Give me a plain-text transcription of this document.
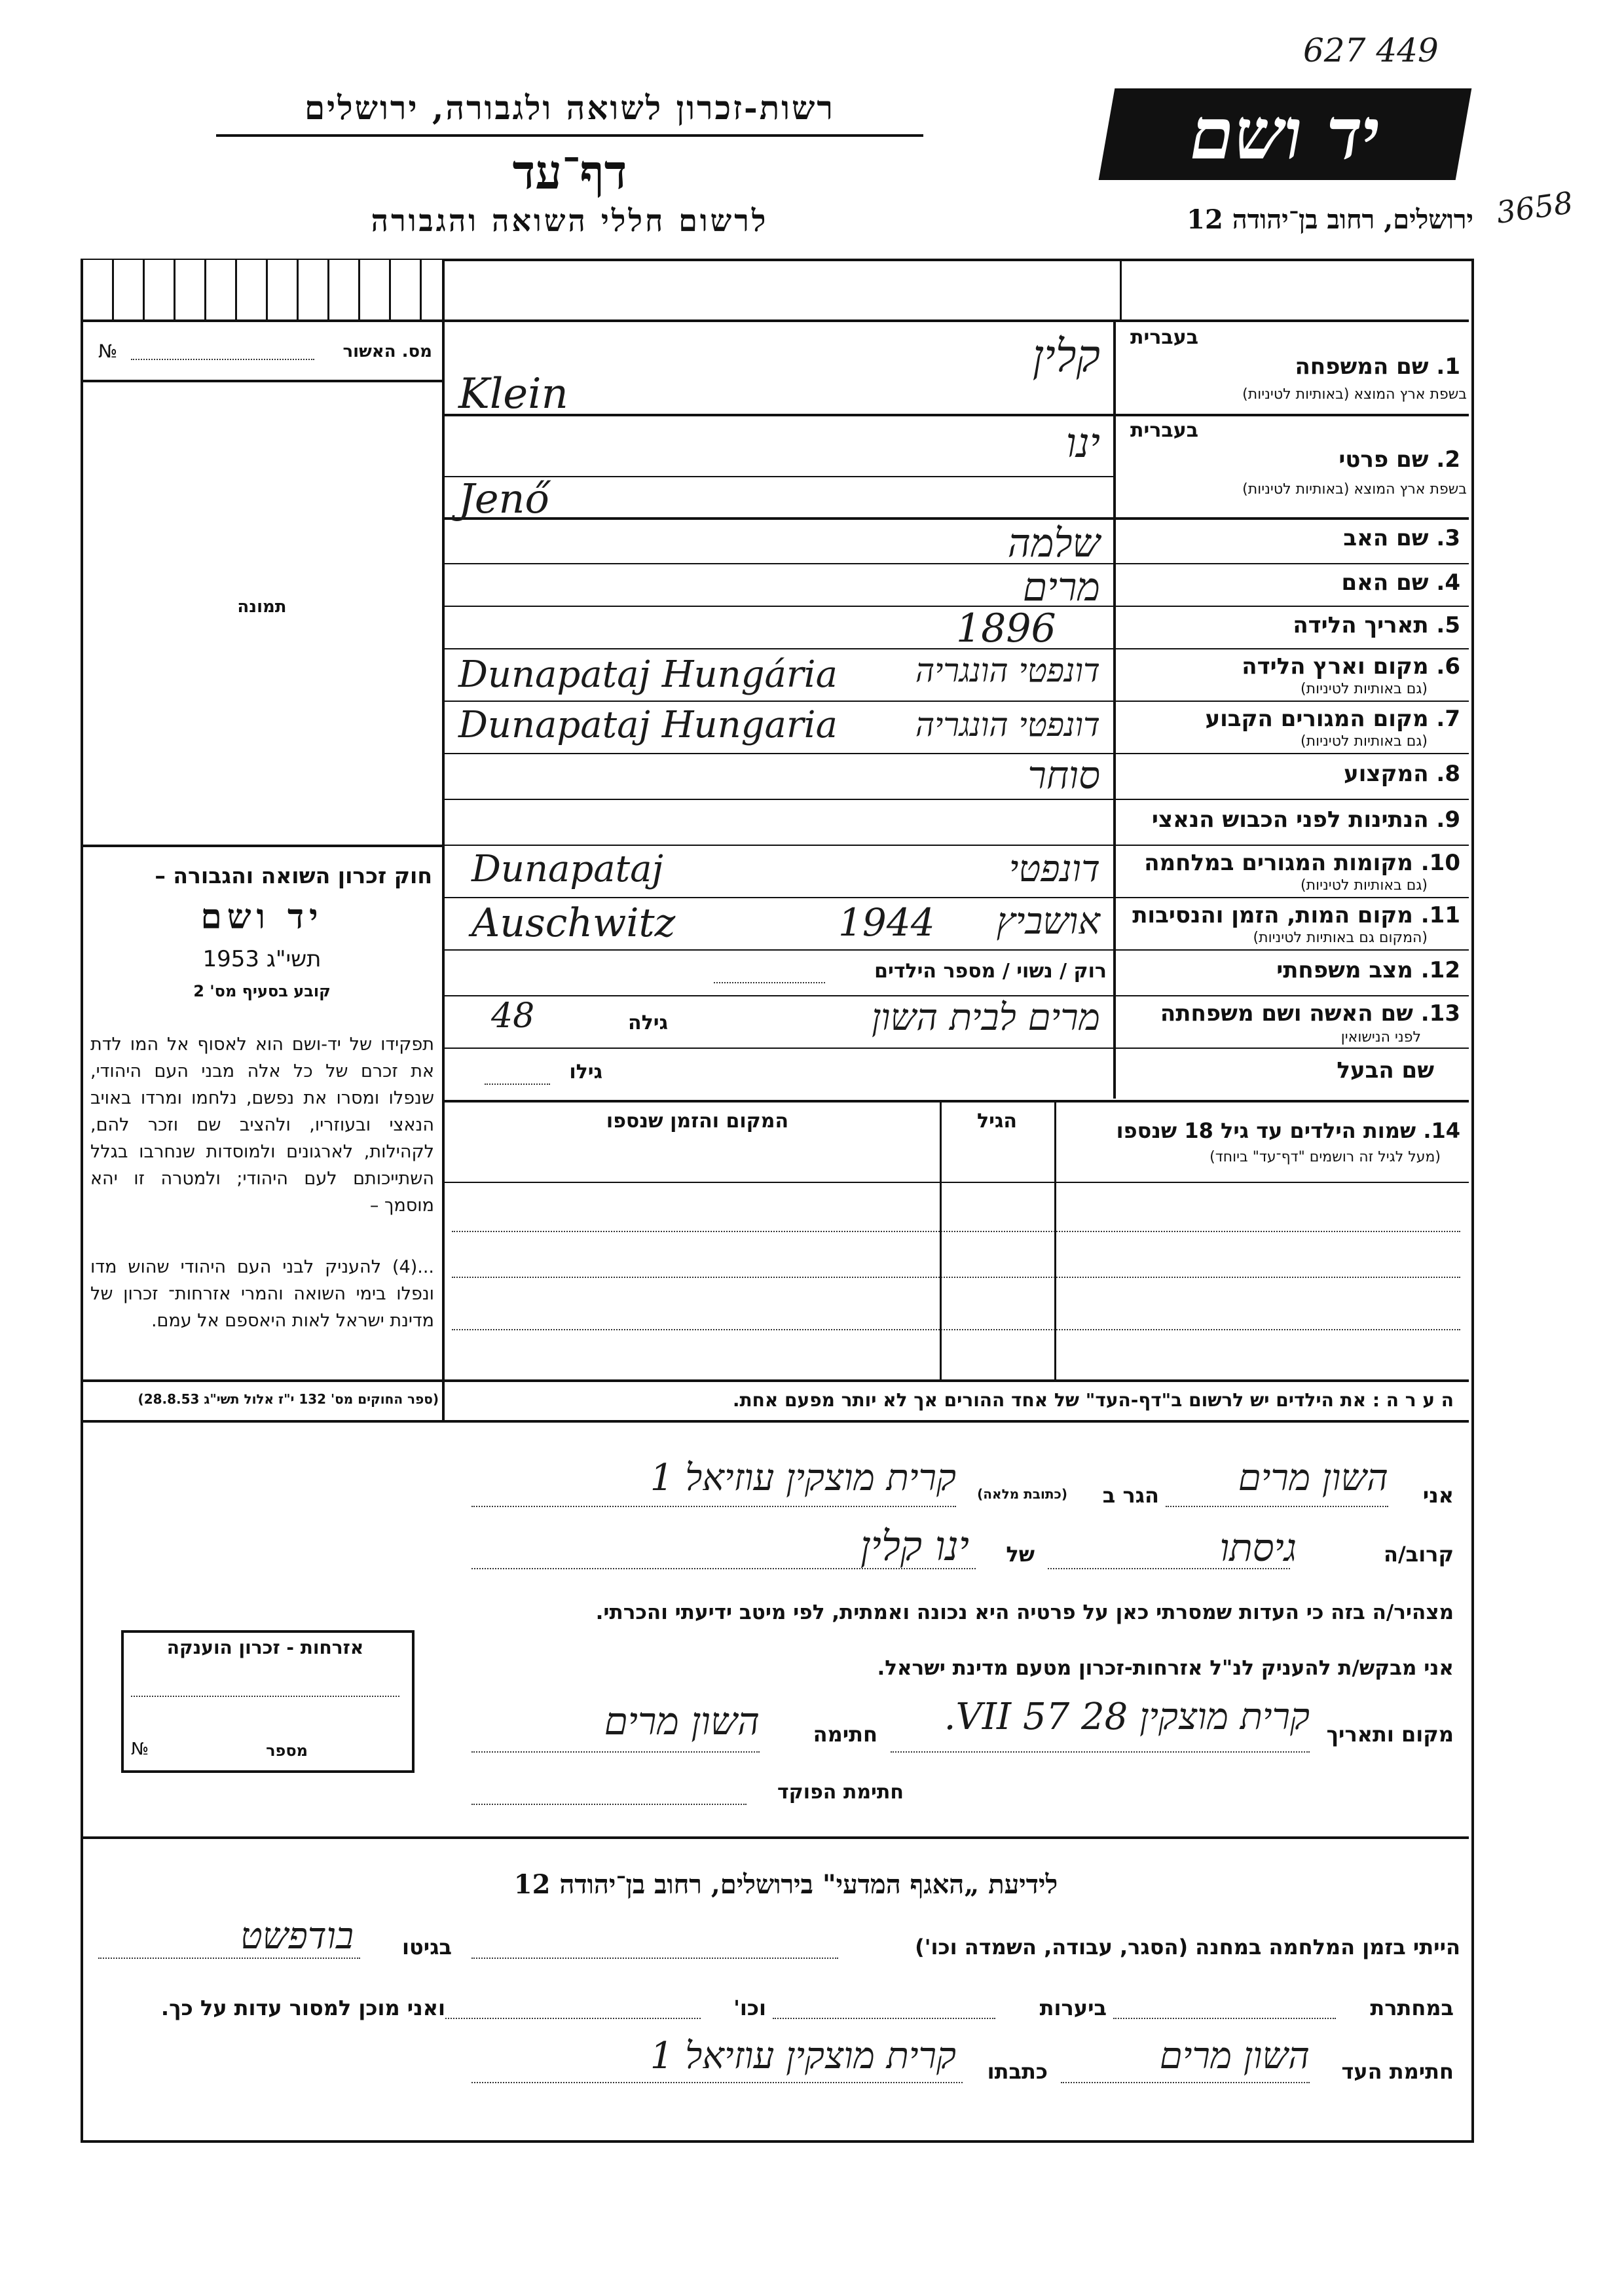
627 449
3658
רשות-זכרון לשואה ולגבורה, ירושלים
דף־עד
לרשום חללי השואה והגבורה
יד ושם
ירושלים, רחוב בן־יהודה 12
מס. האשור
№
תמונה
חוק זכרון השואה והגבורה –
יד ושם
תשי"ג 1953
קובע בסעיף מס' 2
תפקידו של יד-ושם הוא לאסוף אל המו לדת את זכרם של כל אלה מבני העם היהודי, שנפלו ומסרו את נפשם, נלחמו ומרדו באויב הנאצי ובעוזריו, ולהציב שם וזכר להם, לקהילות, לארגונים ולמוסדות שנחרבו בגלל השתייכותם לעם היהודי; ולמטרה זו יהא מוסמך –
...(4) להעניק לבני העם היהודי שהוש מדו ונפלו בימי השואה והמרי אזרחות־ זכרון של מדינת ישראל לאות היאספם אל עמם.
(ספר החוקים מס' 132 י"ז אלול תשי"ג 28.8.53)
בעברית
1. שם המשפחה
בשפת ארץ המוצא (באותיות לטיניות)
קלין
Klein
בעברית
2. שם פרטי
בשפת ארץ המוצא (באותיות לטיניות)
ינו
Jenő
3. שם האב
שלמה
4. שם האם
מרים
5. תאריך הלידה
1896
6. מקום וארץ הלידה
(גם באותיות לטיניות)
דונפטי הונגריה
Dunapataj Hungária
7. מקום המגורים הקבוע
(גם באותיות לטיניות)
דונפטי הונגריה
Dunapataj Hungaria
8. המקצוע
סוחר
9. הנתינות לפני הכבוש הנאצי
10. מקומות המגורים במלחמה
(גם באותיות לטיניות)
דונפטי
Dunapataj
11. מקום המות, הזמן והנסיבות
(המקום גם באותיות לטיניות)
אושביץ
1944
Auschwitz
12. מצב משפחתי
רוק / נשוי / מספר הילדים
13. שם האשה ושם משפחתה
לפני הנישואין
מרים לבית השון
גילה
48
שם הבעל
גילו
14. שמות הילדים עד גיל 18 שנספו
(מעל לגיל זה רושמים "דף־עד" ביוחד)
הגיל
המקום והזמן שנספו
ה ע ר ה : את הילדים יש לרשום ב"דף-העד" של אחד ההורים אך לא יותר מפעם אחת.
אני
השון מרים
הגר ב
(כתובת מלאה)
קרית מוצקין עוזיאל 1
קרוב/ה
גיסתו
של
ינו קלין
מצהיר/ה בזה כי העדות שמסרתי כאן על פרטיה היא נכונה ואמתית, לפי מיטב ידיעתי והכרתי.
אני מבקש/ת להעניק לנ"ל אזרחות-זכרון מטעם מדינת ישראל.
אזרחות - זכרון הוענקה
מספר
№
מקום ותאריך
קרית מוצקין 28 VII 57.
חתימה
השון מרים
חתימת הפוקד
לידיעת „האגף המדעי" בירושלים, רחוב בן־יהודה 12
הייתי בזמן המלחמה במחנה (הסגר, עבודה, השמדה וכו')
בגיטו
בודפשט
במחתרת
ביערות
וכו'
ואני מוכן למסור עדות על כך.
חתימת העד
השון מרים
כתבתו
קרית מוצקין עוזיאל 1
